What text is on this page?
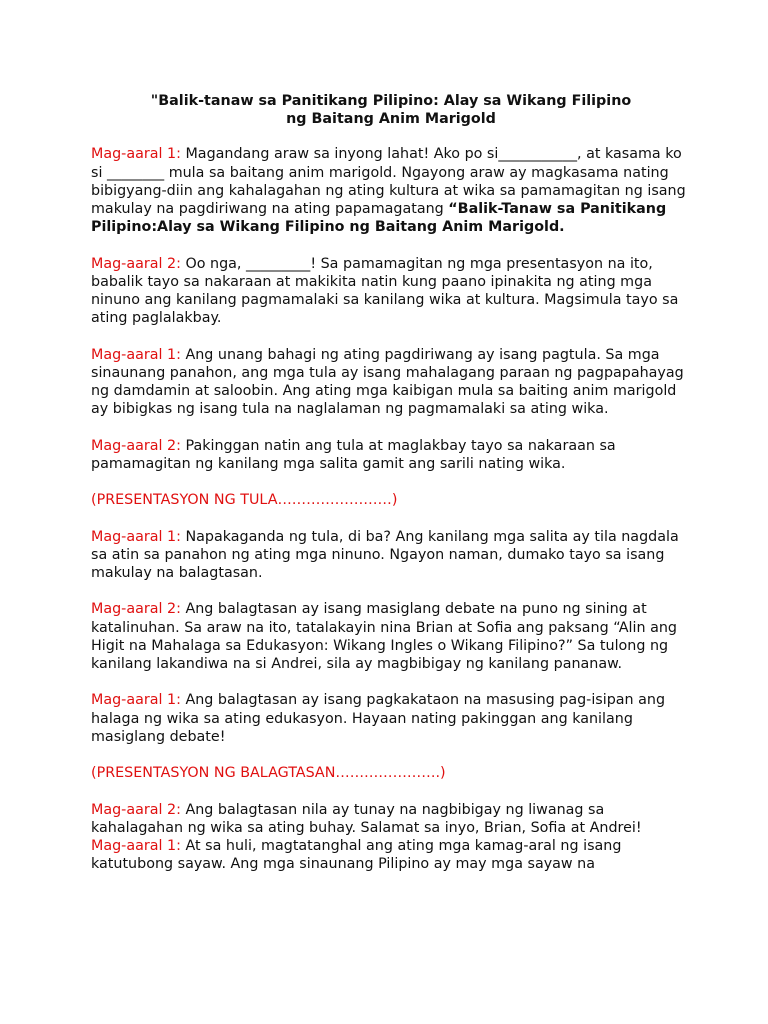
"Balik-tanaw sa Panitikang Pilipino: Alay sa Wikang Filipino
ng Baitang Anim Marigold

Mag-aaral 1: Magandang araw sa inyong lahat! Ako po si___________, at kasama ko si ________ mula sa baitang anim marigold. Ngayong araw ay magkasama nating bibigyang-diin ang kahalagahan ng ating kultura at wika sa pamamagitan ng isang makulay na pagdiriwang na ating papamagatang “Balik-Tanaw sa Panitikang Pilipino:Alay sa Wikang Filipino ng Baitang Anim Marigold.

Mag-aaral 2: Oo nga, _________! Sa pamamagitan ng mga presentasyon na ito, babalik tayo sa nakaraan at makikita natin kung paano ipinakita ng ating mga ninuno ang kanilang pagmamalaki sa kanilang wika at kultura. Magsimula tayo sa ating paglalakbay.

Mag-aaral 1: Ang unang bahagi ng ating pagdiriwang ay isang pagtula. Sa mga sinaunang panahon, ang mga tula ay isang mahalagang paraan ng pagpapahayag ng damdamin at saloobin. Ang ating mga kaibigan mula sa baiting anim marigold ay bibigkas ng isang tula na naglalaman ng pagmamalaki sa ating wika.

Mag-aaral 2: Pakinggan natin ang tula at maglakbay tayo sa nakaraan sa pamamagitan ng kanilang mga salita gamit ang sarili nating wika.

(PRESENTASYON NG TULA……………………)

Mag-aaral 1: Napakaganda ng tula, di ba? Ang kanilang mga salita ay tila nagdala sa atin sa panahon ng ating mga ninuno. Ngayon naman, dumako tayo sa isang makulay na balagtasan.

Mag-aaral 2: Ang balagtasan ay isang masiglang debate na puno ng sining at katalinuhan. Sa araw na ito, tatalakayin nina Brian at Sofia ang paksang “Alin ang Higit na Mahalaga sa Edukasyon: Wikang Ingles o Wikang Filipino?” Sa tulong ng kanilang lakandiwa na si Andrei, sila ay magbibigay ng kanilang pananaw.

Mag-aaral 1: Ang balagtasan ay isang pagkakataon na masusing pag-isipan ang halaga ng wika sa ating edukasyon. Hayaan nating pakinggan ang kanilang masiglang debate!

(PRESENTASYON NG BALAGTASAN………………….)

Mag-aaral 2: Ang balagtasan nila ay tunay na nagbibigay ng liwanag sa kahalagahan ng wika sa ating buhay. Salamat sa inyo, Brian, Sofia at Andrei!

Mag-aaral 1: At sa huli, magtatanghal ang ating mga kamag-aral ng isang katutubong sayaw. Ang mga sinaunang Pilipino ay may mga sayaw na
